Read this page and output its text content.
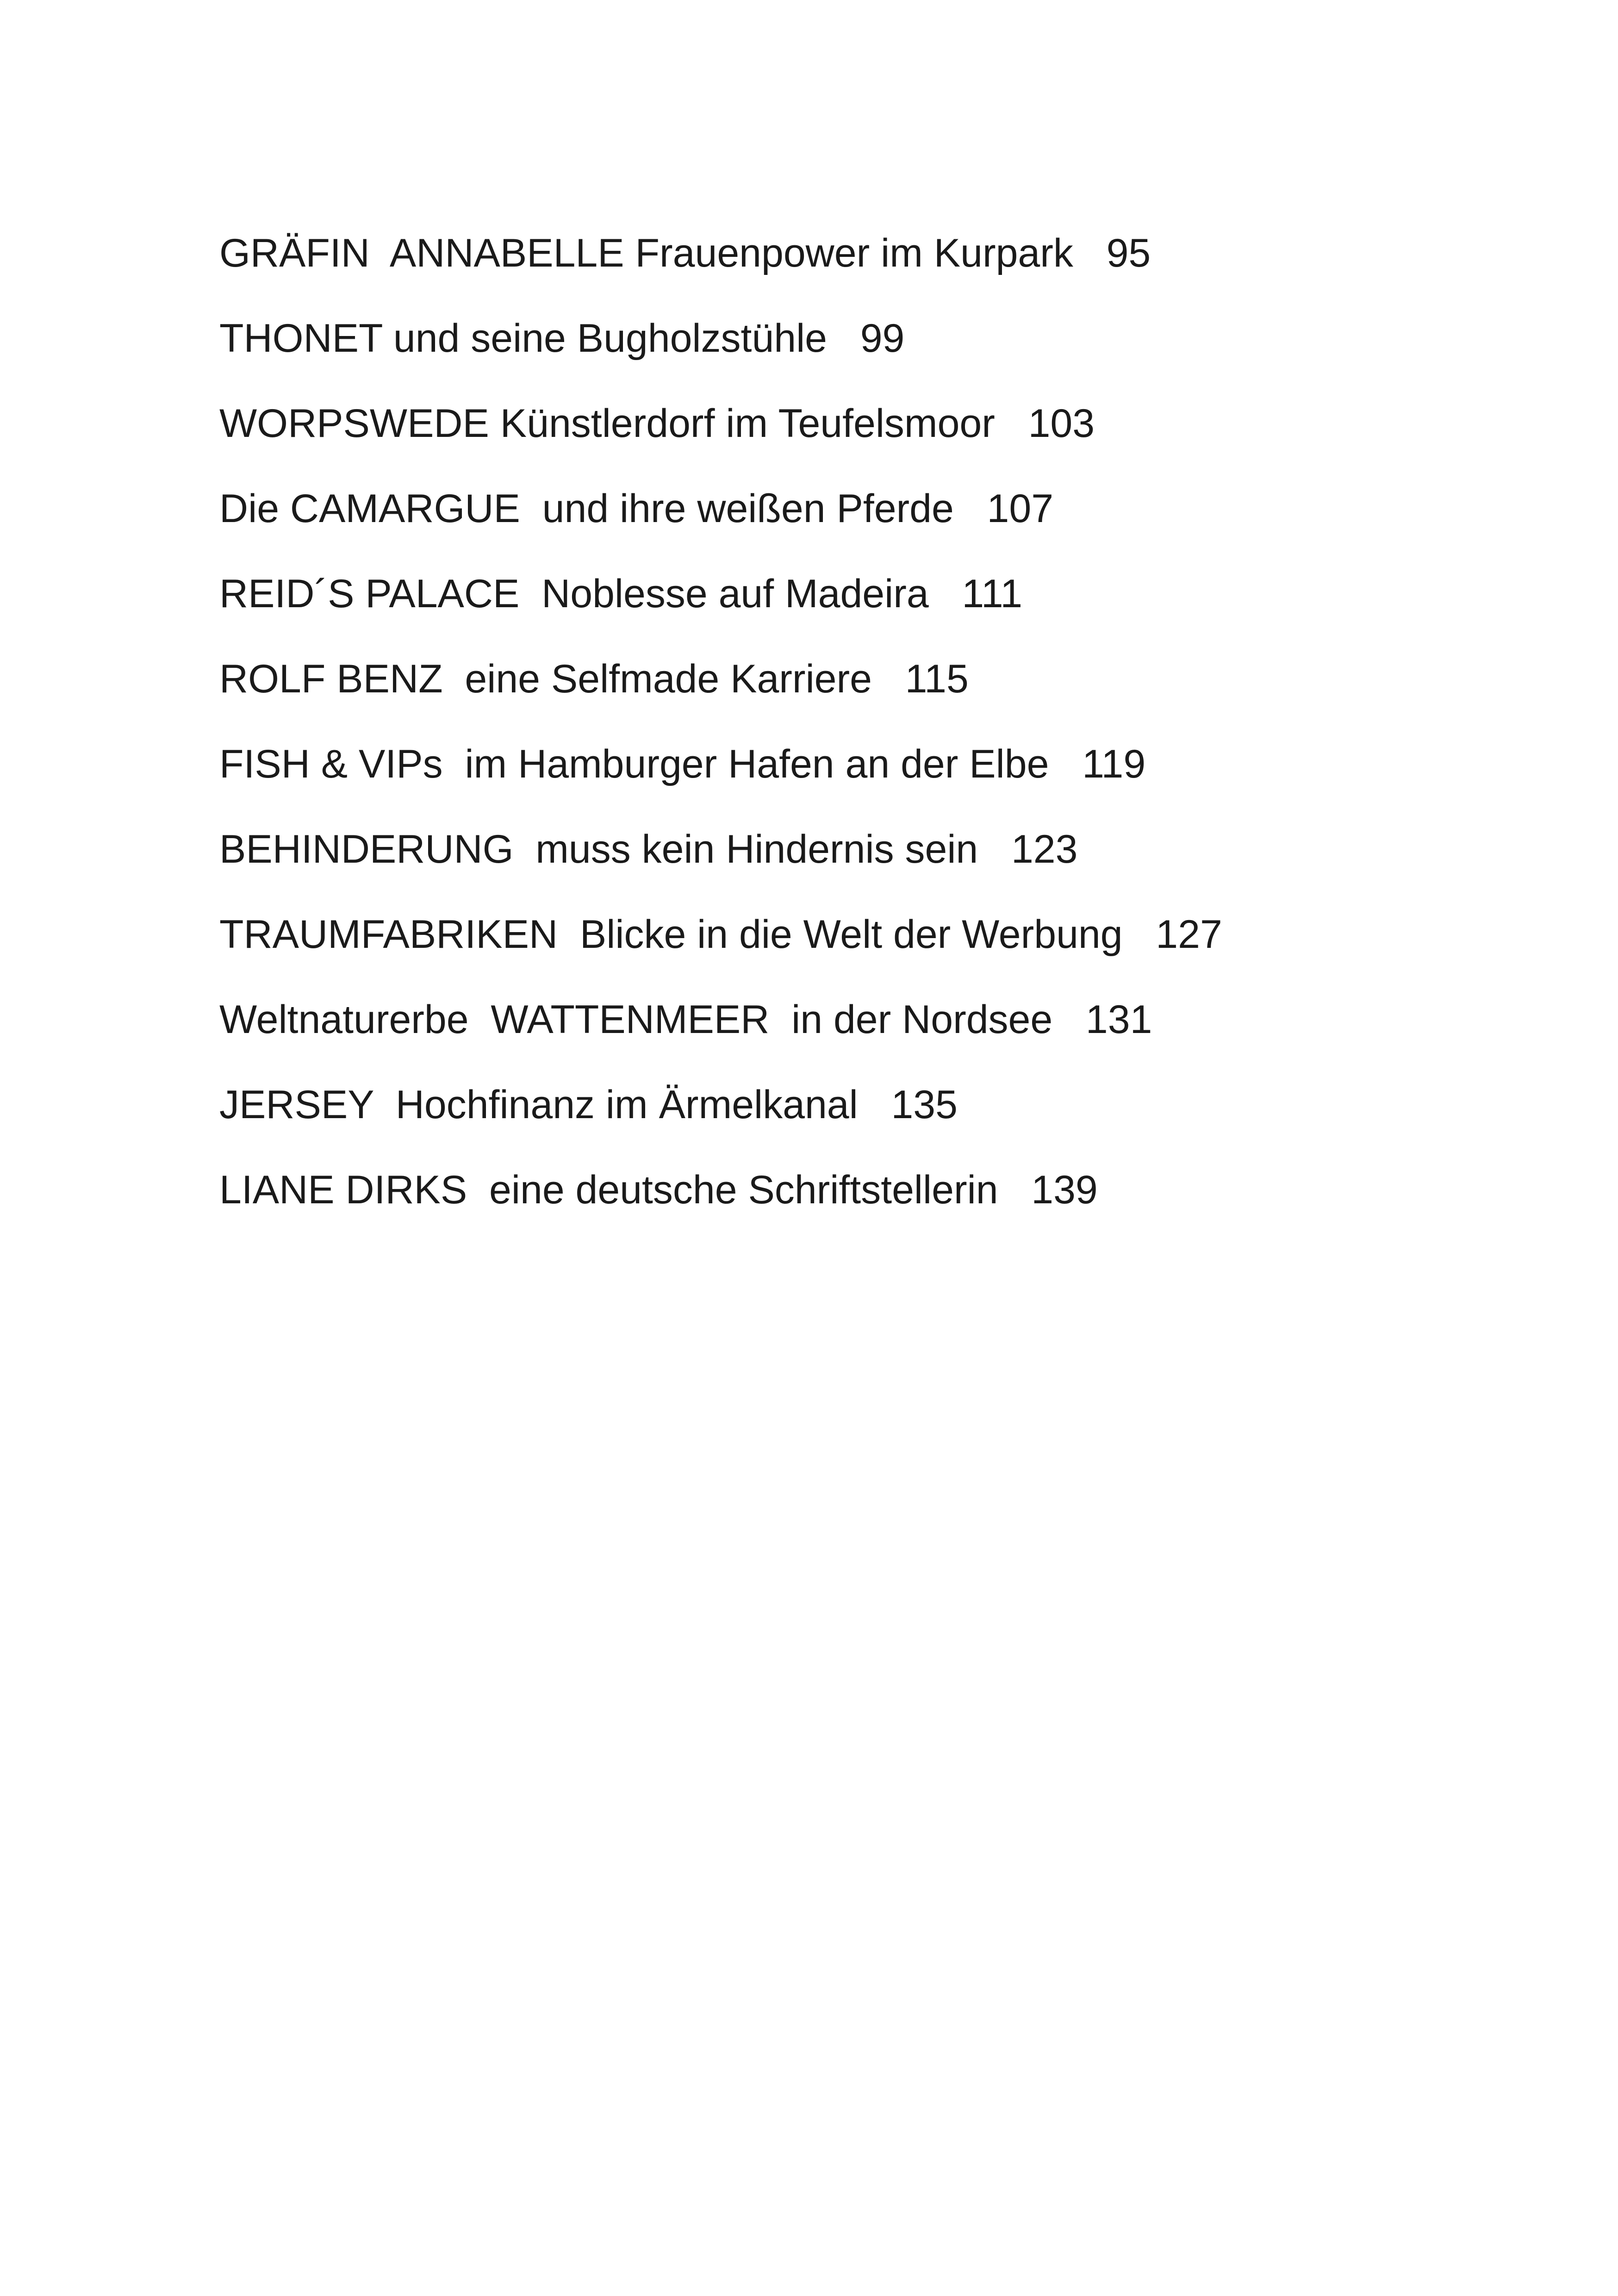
GRÄFIN  ANNABELLE Frauenpower im Kurpark 95
THONET und seine Bugholzstühle 99
WORPSWEDE Künstlerdorf im Teufelsmoor 103
Die CAMARGUE  und ihre weißen Pferde 107
REID´S PALACE  Noblesse auf Madeira 111
ROLF BENZ  eine Selfmade Karriere 115
FISH & VIPs  im Hamburger Hafen an der Elbe 119
BEHINDERUNG  muss kein Hindernis sein 123
TRAUMFABRIKEN  Blicke in die Welt der Werbung 127
Weltnaturerbe  WATTENMEER  in der Nordsee 131
JERSEY  Hochfinanz im Ärmelkanal 135
LIANE DIRKS  eine deutsche Schriftstellerin 139
